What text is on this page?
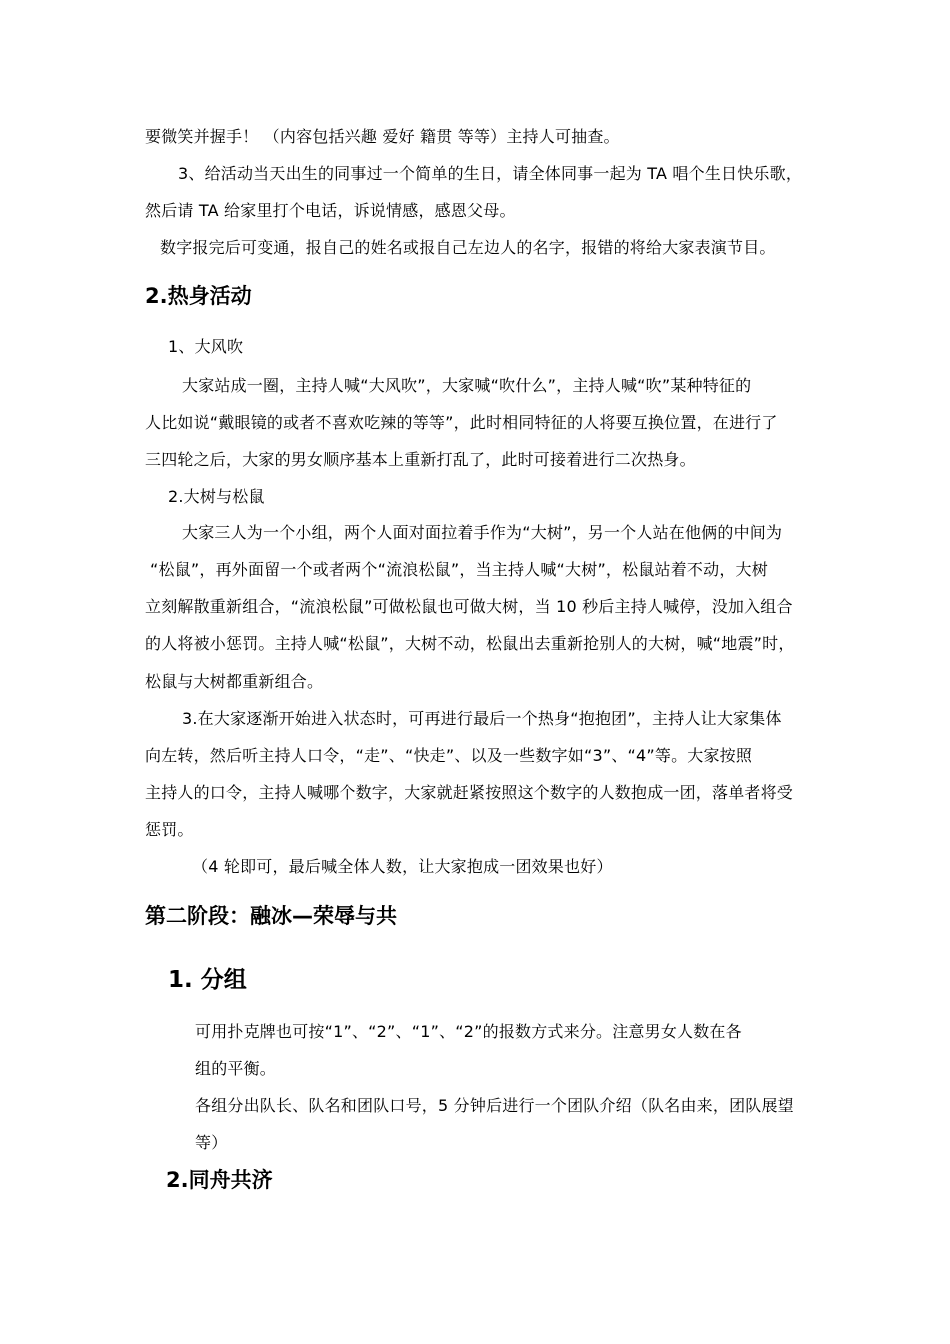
要微笑并握手！ （内容包括兴趣 爱好 籍贯 等等）主持人可抽查。
3、给活动当天出生的同事过一个简单的生日，请全体同事一起为 TA 唱个生日快乐歌，
然后请 TA 给家里打个电话，诉说情感，感恩父母。
数字报完后可变通，报自己的姓名或报自己左边人的名字，报错的将给大家表演节目。
2.热身活动
1、大风吹
大家站成一圈，主持人喊“大风吹”，大家喊“吹什么”，主持人喊“吹”某种特征的
人比如说“戴眼镜的或者不喜欢吃辣的等等”，此时相同特征的人将要互换位置，在进行了
三四轮之后，大家的男女顺序基本上重新打乱了，此时可接着进行二次热身。
2.大树与松鼠
大家三人为一个小组，两个人面对面拉着手作为“大树”，另一个人站在他俩的中间为
“松鼠”，再外面留一个或者两个“流浪松鼠”，当主持人喊“大树”，松鼠站着不动，大树
立刻解散重新组合，“流浪松鼠”可做松鼠也可做大树，当 10 秒后主持人喊停，没加入组合
的人将被小惩罚。主持人喊“松鼠”，大树不动，松鼠出去重新抢别人的大树，喊“地震”时，
松鼠与大树都重新组合。
3.在大家逐渐开始进入状态时，可再进行最后一个热身“抱抱团”，主持人让大家集体
向左转，然后听主持人口令，“走”、“快走”、以及一些数字如“3”、“4”等。大家按照
主持人的口令，主持人喊哪个数字，大家就赶紧按照这个数字的人数抱成一团，落单者将受
惩罚。
（4 轮即可，最后喊全体人数，让大家抱成一团效果也好）
第二阶段：融冰—荣辱与共
1. 分组
可用扑克牌也可按“1”、“2”、“1”、“2”的报数方式来分。注意男女人数在各
组的平衡。
各组分出队长、队名和团队口号，5 分钟后进行一个团队介绍（队名由来，团队展望
等）
2.同舟共济
